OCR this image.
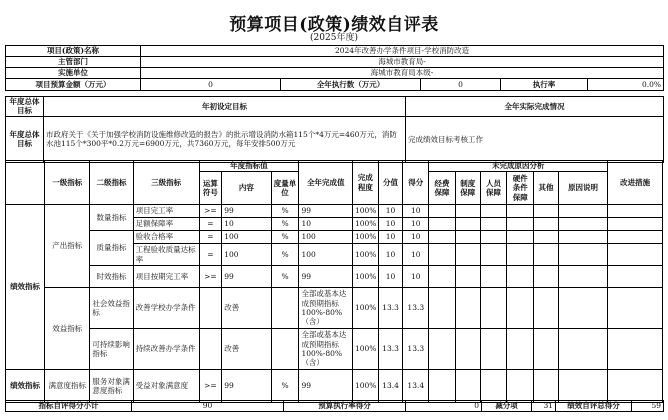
预算项目(政策)绩效自评表
(2025年度)
项目(政策)名称	2024年改善办学条件项目-学校消防改造				
主管部门	海城市教育局-				
实施单位	海城市教育局本级-				
项目预算金额（万元）	0	全年执行数（万元）	0	执行率	0.0%
年度总体目标	年初设定目标	全年实际完成情况
年度总体目标	市政府关于《关于加强学校消防设施维修改造的报告》的批示增设消防水箱115个*4万元=460万元，消防水池115个*300平*0.2万元=6900万元，共7360万元，每年安排500万元	完成绩效目标考核工作
	一级指标	二级指标	三级指标	年度指标值			全年完成值	完成程度	分值	得分	未完成原因分析						改进措施
				运算符号	内容	度量单位					经费保障	制度保障	人员保障	硬件条件保障	其他	原因说明	
绩效指标	产出指标	数量指标	项目完工率	>=	99	%	99	100%	10	10							
			足额保障率	=	10	%	10	100%	10	10							
		质量指标	验收合格率	=	100	%	100	100%	10	10							
			工程验收质量达标率	=	100	%	100	100%	10	10							
		时效指标	项目按期完工率	>=	99	%	99	100%	10	10							
	效益指标	社会效益指标	改善学校办学条件		改善		全部或基本达成预期指标100%-80%（含）	100%	13.3	13.3							
		可持续影响指标	持续改善办学条件		改善		全部或基本达成预期指标100%-80%（含）	100%	13.3	13.3							
绩效指标	满意度指标	服务对象满意度指标	受益对象满意度	>=	99	%	99	100%	13.4	13.4							
指标自评得分小计	90	预算执行率得分	0	减分项	31	绩效自评总得分	59
